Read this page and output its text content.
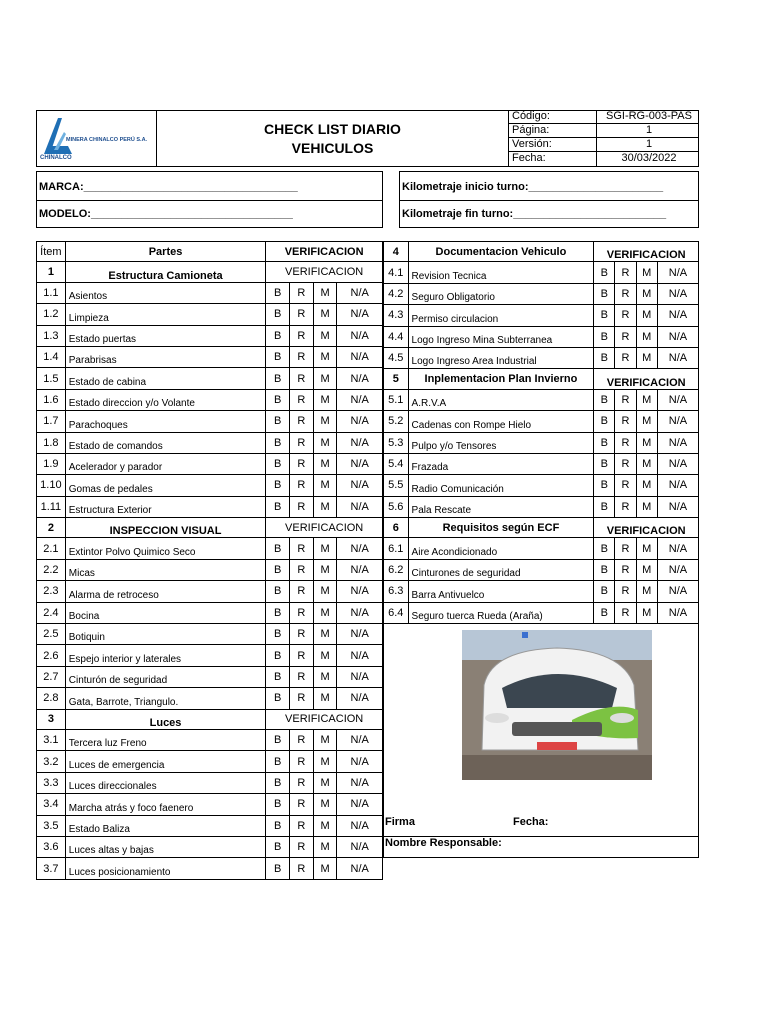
MINERA CHINALCO PERÚ S.A.
CHINALCO
CHECK LIST DIARIO
VEHICULOS
Código:	SGI-RG-003-PAS
Página:	1
Versión:	1
Fecha:	30/03/2022
MARCA:___________________________________
MODELO:_________________________________
Kilometraje inicio turno:______________________
Kilometraje fin turno:_________________________
Ítem	Partes	VERIFICACION			
1	Estructura Camioneta	VERIFICACION			
1.1	Asientos	B	R	M	N/A
1.2	Limpieza	B	R	M	N/A
1.3	Estado puertas	B	R	M	N/A
1.4	Parabrisas	B	R	M	N/A
1.5	Estado de cabina	B	R	M	N/A
1.6	Estado direccion y/o Volante	B	R	M	N/A
1.7	Parachoques	B	R	M	N/A
1.8	Estado de comandos	B	R	M	N/A
1.9	Acelerador y parador	B	R	M	N/A
1.10	Gomas de pedales	B	R	M	N/A
1.11	Estructura Exterior	B	R	M	N/A
2	INSPECCION VISUAL	VERIFICACION			
2.1	Extintor Polvo Quimico Seco	B	R	M	N/A
2.2	Micas	B	R	M	N/A
2.3	Alarma de retroceso	B	R	M	N/A
2.4	Bocina	B	R	M	N/A
2.5	Botiquin	B	R	M	N/A
2.6	Espejo interior y laterales	B	R	M	N/A
2.7	Cinturón de seguridad	B	R	M	N/A
2.8	Gata, Barrote, Triangulo.	B	R	M	N/A
3	Luces	VERIFICACION			
3.1	Tercera luz Freno	B	R	M	N/A
3.2	Luces de emergencia	B	R	M	N/A
3.3	Luces direccionales	B	R	M	N/A
3.4	Marcha atrás y foco faenero	B	R	M	N/A
3.5	Estado Baliza	B	R	M	N/A
3.6	Luces altas y bajas	B	R	M	N/A
3.7	Luces posicionamiento	B	R	M	N/A
4	Documentacion Vehiculo	VERIFICACION			
4.1	Revision Tecnica	B	R	M	N/A
4.2	Seguro Obligatorio	B	R	M	N/A
4.3	Permiso circulacion	B	R	M	N/A
4.4	Logo Ingreso Mina Subterranea	B	R	M	N/A
4.5	Logo Ingreso Area Industrial	B	R	M	N/A
5	Inplementacion Plan Invierno	VERIFICACION			
5.1	A.R.V.A	B	R	M	N/A
5.2	Cadenas con Rompe Hielo	B	R	M	N/A
5.3	Pulpo y/o Tensores	B	R	M	N/A
5.4	Frazada	B	R	M	N/A
5.5	Radio Comunicación	B	R	M	N/A
5.6	Pala Rescate	B	R	M	N/A
6	Requisitos según ECF	VERIFICACION			
6.1	Aire Acondicionado	B	R	M	N/A
6.2	Cinturones de seguridad	B	R	M	N/A
6.3	Barra Antivuelco	B	R	M	N/A
6.4	Seguro tuerca Rueda (Araña)	B	R	M	N/A
Firma	Fecha:
Nombre Responsable:
